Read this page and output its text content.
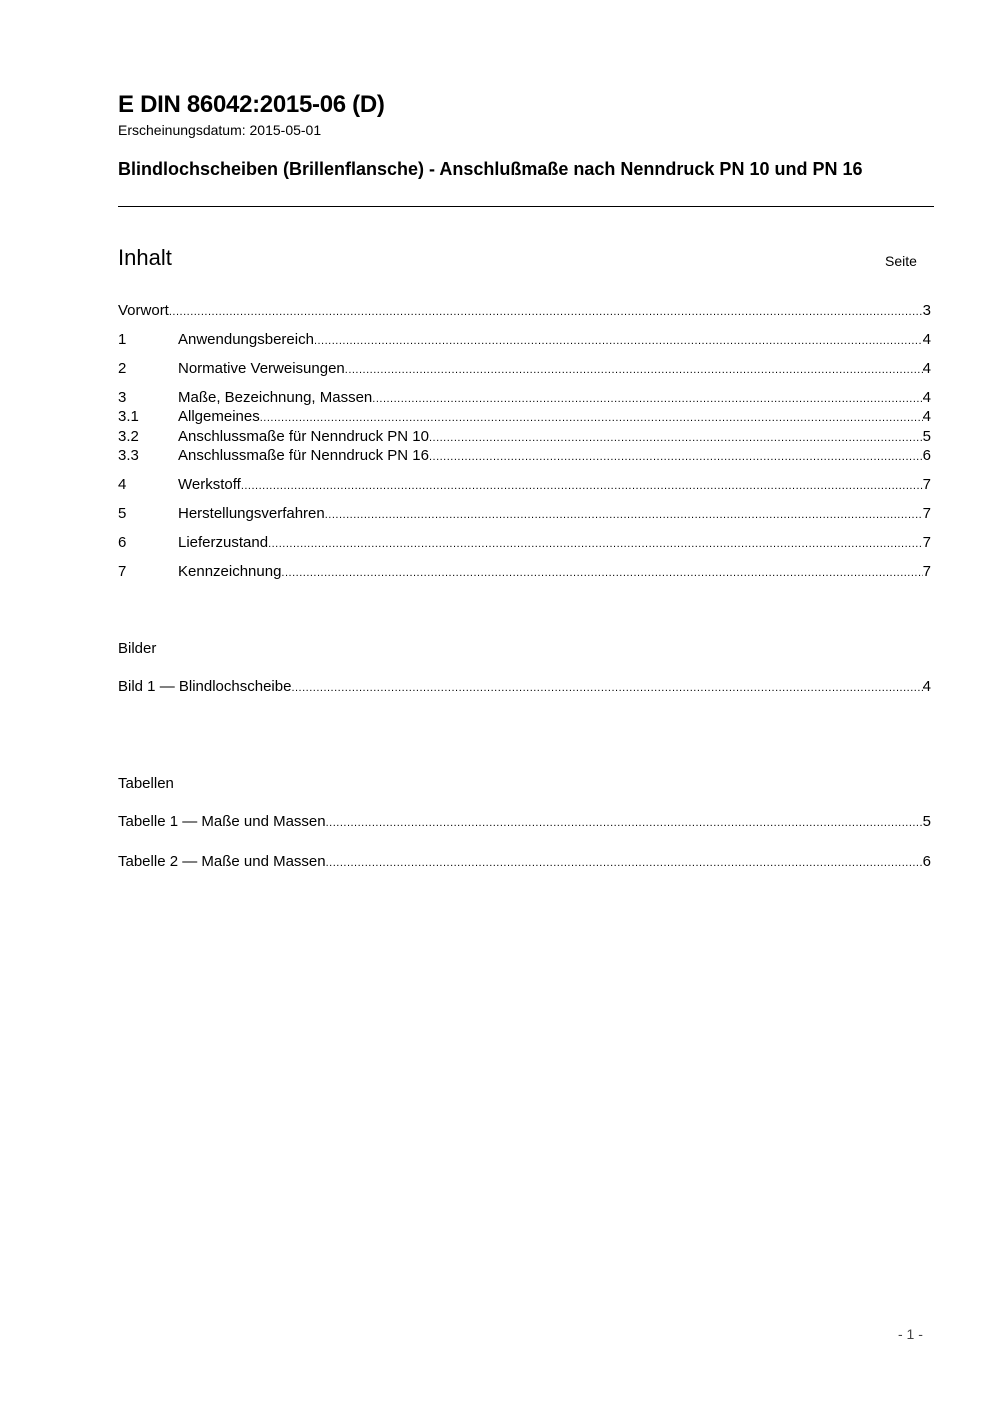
E DIN 86042:2015-06 (D)
Erscheinungsdatum: 2015-05-01
Blindlochscheiben (Brillenflansche) - Anschlußmaße nach Nenndruck PN 10 und PN 16
Inhalt	Seite
Vorwort .....	3
1	Anwendungsbereich .....	4
2	Normative Verweisungen .....	4
3	Maße, Bezeichnung, Massen .....	4
3.1	Allgemeines .....	4
3.2	Anschlussmaße für Nenndruck PN 10 .....	5
3.3	Anschlussmaße für Nenndruck PN 16 .....	6
4	Werkstoff .....	7
5	Herstellungsverfahren .....	7
6	Lieferzustand .....	7
7	Kennzeichnung .....	7
Bilder
Bild 1 — Blindlochscheibe .....	4
Tabellen
Tabelle 1 — Maße und Massen .....	5
Tabelle 2 — Maße und Massen .....	6
- 1 -
